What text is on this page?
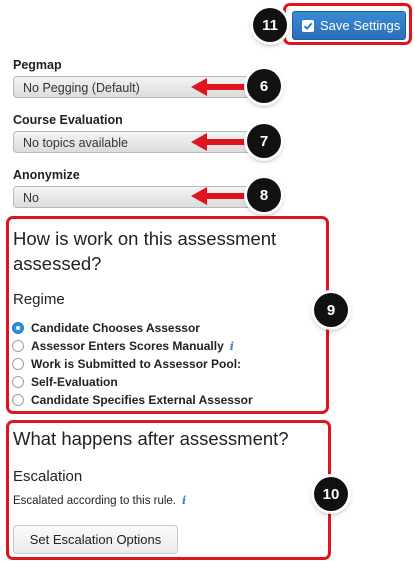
Save Settings
11
Pegmap
No Pegging (Default)	6
Course Evaluation
No topics available	7
Anonymize
No	8
How is work on this assessment assessed?
Regime
Candidate Chooses Assessor
Assessor Enters Scores Manually i
Work is Submitted to Assessor Pool:
Self-Evaluation
Candidate Specifies External Assessor
9
What happens after assessment?
Escalation
Escalated according to this rule. i
Set Escalation Options
10
